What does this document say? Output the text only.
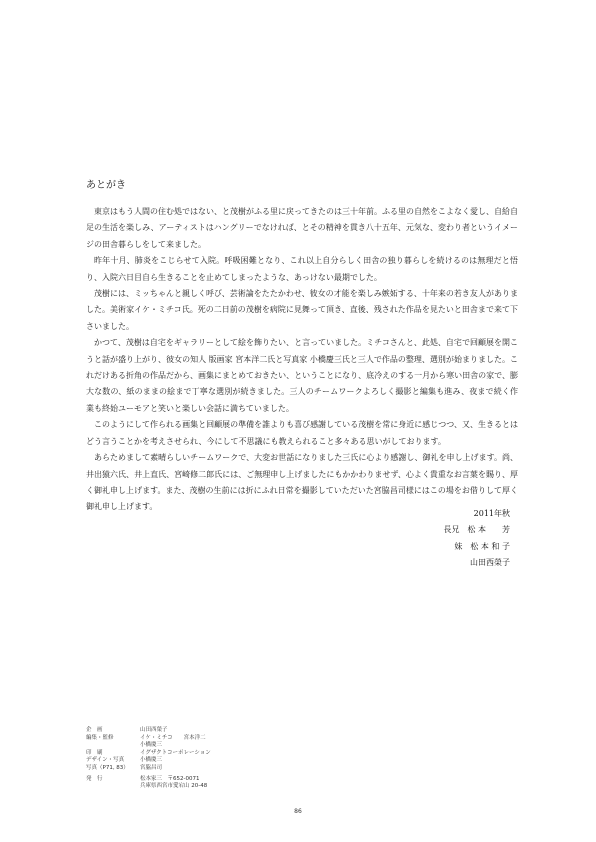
あとがき

東京はもう人間の住む処ではない、と茂樹がふる里に戻ってきたのは三十年前。ふる里の自然をこよなく愛し、自給自足の生活を楽しみ、アーティストはハングリーでなければ、とその精神を貫き八十五年、元気な、変わり者というイメージの田舎暮らしをして来ました。

昨年十月、肺炎をこじらせて入院。呼吸困難となり、これ以上自分らしく田舎の独り暮らしを続けるのは無理だと悟り、入院六日目自ら生きることを止めてしまったような、あっけない最期でした。

茂樹には、ミッちゃんと親しく呼び、芸術論をたたかわせ、彼女の才能を楽しみ嫉妬する、十年来の若き友人がありました。美術家イケ・ミチコ氏。死の二日前の茂樹を病院に見舞って頂き、直後、残された作品を見たいと田舎まで来て下さいました。

かつて、茂樹は自宅をギャラリーとして絵を飾りたい、と言っていました。ミチコさんと、此処、自宅で回顧展を開こうと話が盛り上がり、彼女の知人 版画家 宮本洋二氏と写真家 小橋慶三氏と三人で作品の整理、選別が始まりました。これだけある折角の作品だから、画集にまとめておきたい、ということになり、底冷えのする一月から寒い田舎の家で、膨大な数の、紙のままの絵まで丁寧な選別が続きました。三人のチームワークよろしく撮影と編集も進み、夜まで続く作業も終始ユーモアと笑いと楽しい会話に満ちていました。

このようにして作られる画集と回顧展の準備を誰よりも喜び感謝している茂樹を常に身近に感じつつ、又、生きるとはどう言うことかを考えさせられ、今にして不思議にも教えられること多々ある思いがしております。

あらためまして素晴らしいチームワークで、大変お世話になりました三氏に心より感謝し、御礼を申し上げます。尚、井出猿六氏、井上直氏、宮崎修二郎氏には、ご無理申し上げましたにもかかわりませず、心よく貴重なお言葉を賜り、厚く御礼申し上げます。また、茂樹の生前には折にふれ日常を撮影していただいた宮脇昌司様にはこの場をお借りして厚く御礼申し上げます。

2011年秋
長兄　松 本　　芳
妹　松 本 和 子
山田西榮子
企　画	山田西榮子
編集・監修	イケ・ミチコ　　宮本洋二
小橋慶三
印　刷	イグザクトコーポレーション
デザイン・写真	小橋慶三
写真（P71, 83）	宮脇昌司
発　行	松本家三　〒652-0071
兵庫県西宮市愛宕山 20-48
86
